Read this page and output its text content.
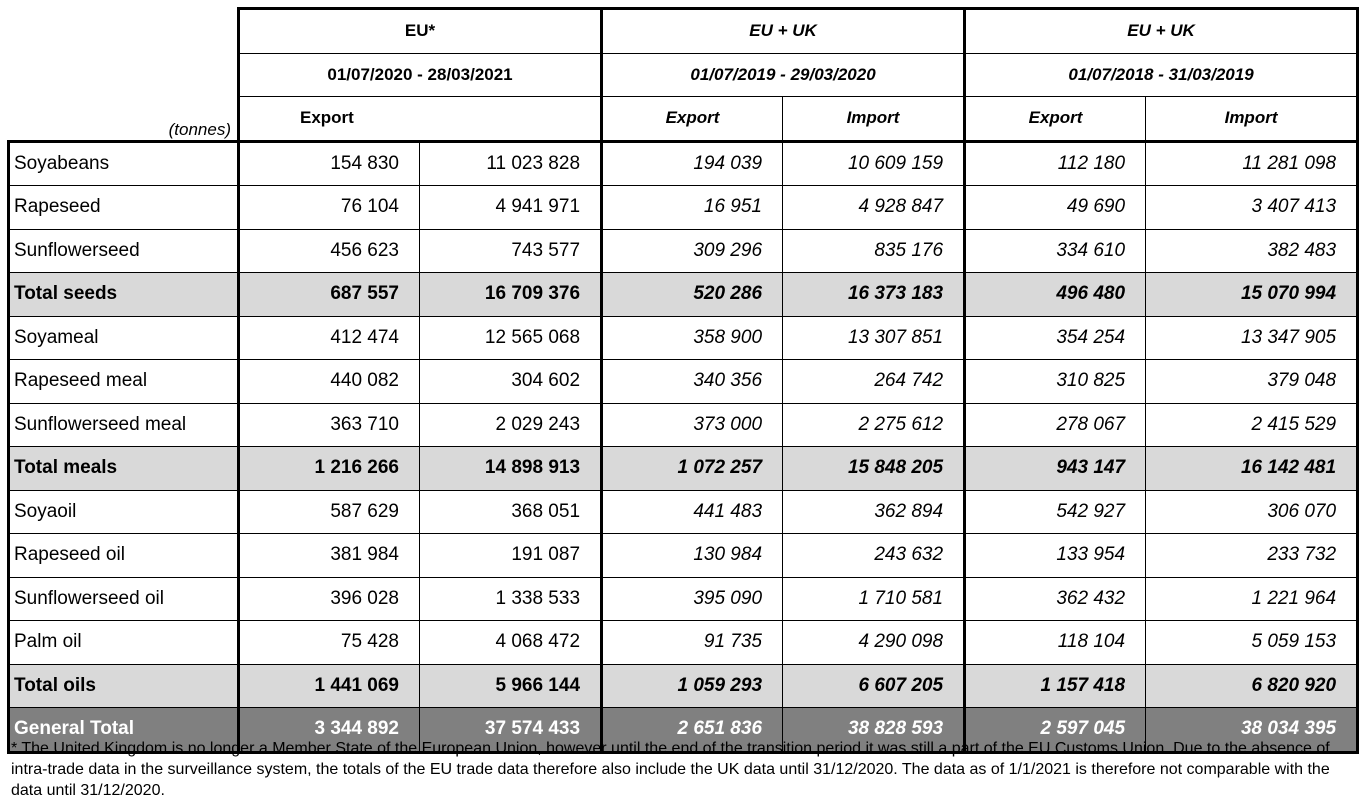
	EU*		EU + UK		EU + UK	
	01/07/2020 - 28/03/2021		01/07/2019 - 29/03/2020		01/07/2018 - 31/03/2019	
(tonnes)	Export		Export	Import	Export	Import
Soyabeans	154 830	11 023 828	194 039	10 609 159	112 180	11 281 098
Rapeseed	76 104	4 941 971	16 951	4 928 847	49 690	3 407 413
Sunflowerseed	456 623	743 577	309 296	835 176	334 610	382 483
Total seeds	687 557	16 709 376	520 286	16 373 183	496 480	15 070 994
Soyameal	412 474	12 565 068	358 900	13 307 851	354 254	13 347 905
Rapeseed meal	440 082	304 602	340 356	264 742	310 825	379 048
Sunflowerseed meal	363 710	2 029 243	373 000	2 275 612	278 067	2 415 529
Total meals	1 216 266	14 898 913	1 072 257	15 848 205	943 147	16 142 481
Soyaoil	587 629	368 051	441 483	362 894	542 927	306 070
Rapeseed oil	381 984	191 087	130 984	243 632	133 954	233 732
Sunflowerseed oil	396 028	1 338 533	395 090	1 710 581	362 432	1 221 964
Palm oil	75 428	4 068 472	91 735	4 290 098	118 104	5 059 153
Total oils	1 441 069	5 966 144	1 059 293	6 607 205	1 157 418	6 820 920
General Total	3 344 892	37 574 433	2 651 836	38 828 593	2 597 045	38 034 395
* The United Kingdom is no longer a Member State of the European Union, however until the end of the transition period it was still a part of the EU Customs Union. Due to the absence of intra-trade data in the surveillance system, the totals of the EU trade data therefore also include the UK data until 31/12/2020. The data as of 1/1/2021 is therefore not comparable with the data until 31/12/2020.
